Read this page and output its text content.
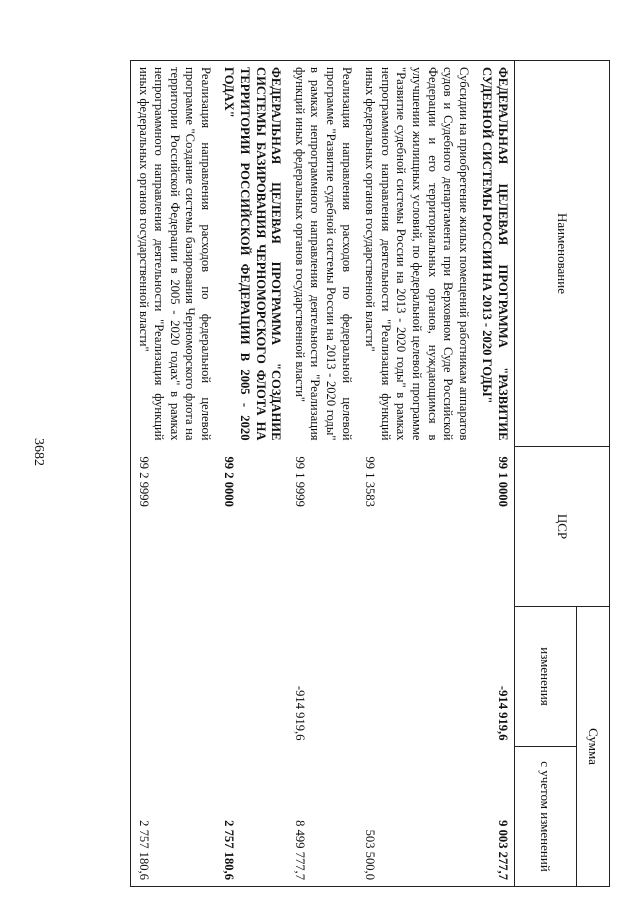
3682
Наименование	ЦСР	Сумма	
		изменения	с учетом изменений
ФЕДЕРАЛЬНАЯ ЦЕЛЕВАЯ ПРОГРАММА "РАЗВИТИЕ СУДЕБНОЙ СИСТЕМЫ РОССИИ НА 2013 - 2020 ГОДЫ"	99 1 0000	-914 919,6	9 003 277,7
Субсидии на приобретение жилых помещений работникам аппаратов судов и Судебного департамента при Верховном Суде Российской Федерации и его территориальных органов, нуждающимся в улучшении жилищных условий, по федеральной целевой программе "Развитие судебной системы России на 2013 - 2020 годы" в рамках непрограммного направления деятельности "Реализация функций иных федеральных органов государственной власти"	99 1 3583		503 500,0
Реализация направления расходов по федеральной целевой программе "Развитие судебной системы России на 2013 - 2020 годы" в рамках непрограммного направления деятельности "Реализация функций иных федеральных органов государственной власти"	99 1 9999	-914 919,6	8 499 777,7
ФЕДЕРАЛЬНАЯ ЦЕЛЕВАЯ ПРОГРАММА "СОЗДАНИЕ СИСТЕМЫ БАЗИРОВАНИЯ ЧЕРНОМОРСКОГО ФЛОТА НА ТЕРРИТОРИИ РОССИЙСКОЙ ФЕДЕРАЦИИ В 2005 - 2020 ГОДАХ"	99 2 0000		2 757 180,6
Реализация направления расходов по федеральной целевой программе "Создание системы базирования Черноморского флота на территории Российской Федерации в 2005 - 2020 годах" в рамках непрограммного направления деятельности "Реализация функций иных федеральных органов государственной власти"	99 2 9999		2 757 180,6
